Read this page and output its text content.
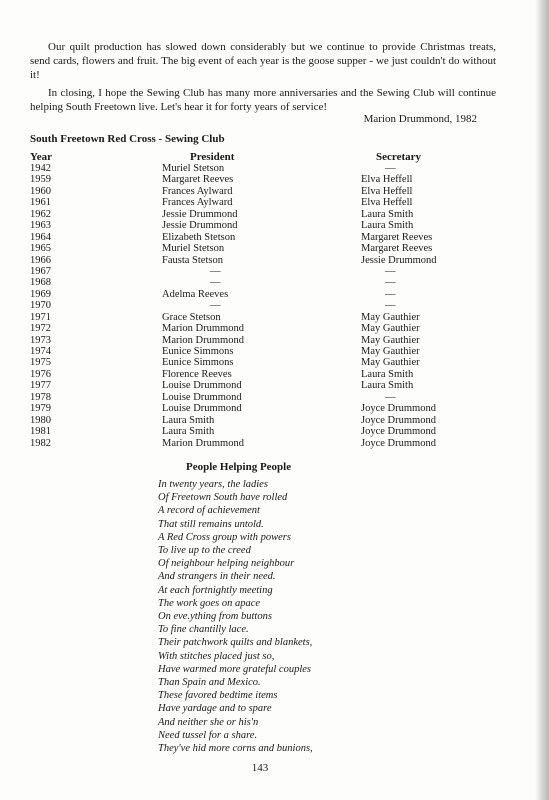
Our quilt production has slowed down considerably but we continue to provide Christmas treats, send cards, flowers and fruit. The big event of each year is the goose supper - we just couldn't do without it!

In closing, I hope the Sewing Club has many more anniversaries and the Sewing Club will continue helping South Freetown live. Let's hear it for forty years of service!

Marion Drummond, 1982
South Freetown Red Cross - Sewing Club
Year	President	Secretary
1942	Muriel Stetson	—
1959	Margaret Reeves	Elva Heffell
1960	Frances Aylward	Elva Heffell
1961	Frances Aylward	Elva Heffell
1962	Jessie Drummond	Laura Smith
1963	Jessie Drummond	Laura Smith
1964	Elizabeth Stetson	Margaret Reeves
1965	Muriel Stetson	Margaret Reeves
1966	Fausta Stetson	Jessie Drummond
1967	—	—
1968	—	—
1969	Adelma Reeves	—
1970	—	—
1971	Grace Stetson	May Gauthier
1972	Marion Drummond	May Gauthier
1973	Marion Drummond	May Gauthier
1974	Eunice Simmons	May Gauthier
1975	Eunice Simmons	May Gauthier
1976	Florence Reeves	Laura Smith
1977	Louise Drummond	Laura Smith
1978	Louise Drummond	—
1979	Louise Drummond	Joyce Drummond
1980	Laura Smith	Joyce Drummond
1981	Laura Smith	Joyce Drummond
1982	Marion Drummond	Joyce Drummond
People Helping People
In twenty years, the ladies
Of Freetown South have rolled
A record of achievement
That still remains untold.
A Red Cross group with powers
To live up to the creed
Of neighbour helping neighbour
And strangers in their need.
At each fortnightly meeting
The work goes on apace
On eve.ything from buttons
To fine chantilly lace.
Their patchwork quilts and blankets,
With stitches placed just so,
Have warmed more grateful couples
Than Spain and Mexico.
These favored bedtime items
Have yardage and to spare
And neither she or his'n
Need tussel for a share.
They've hid more corns and bunions,
143
